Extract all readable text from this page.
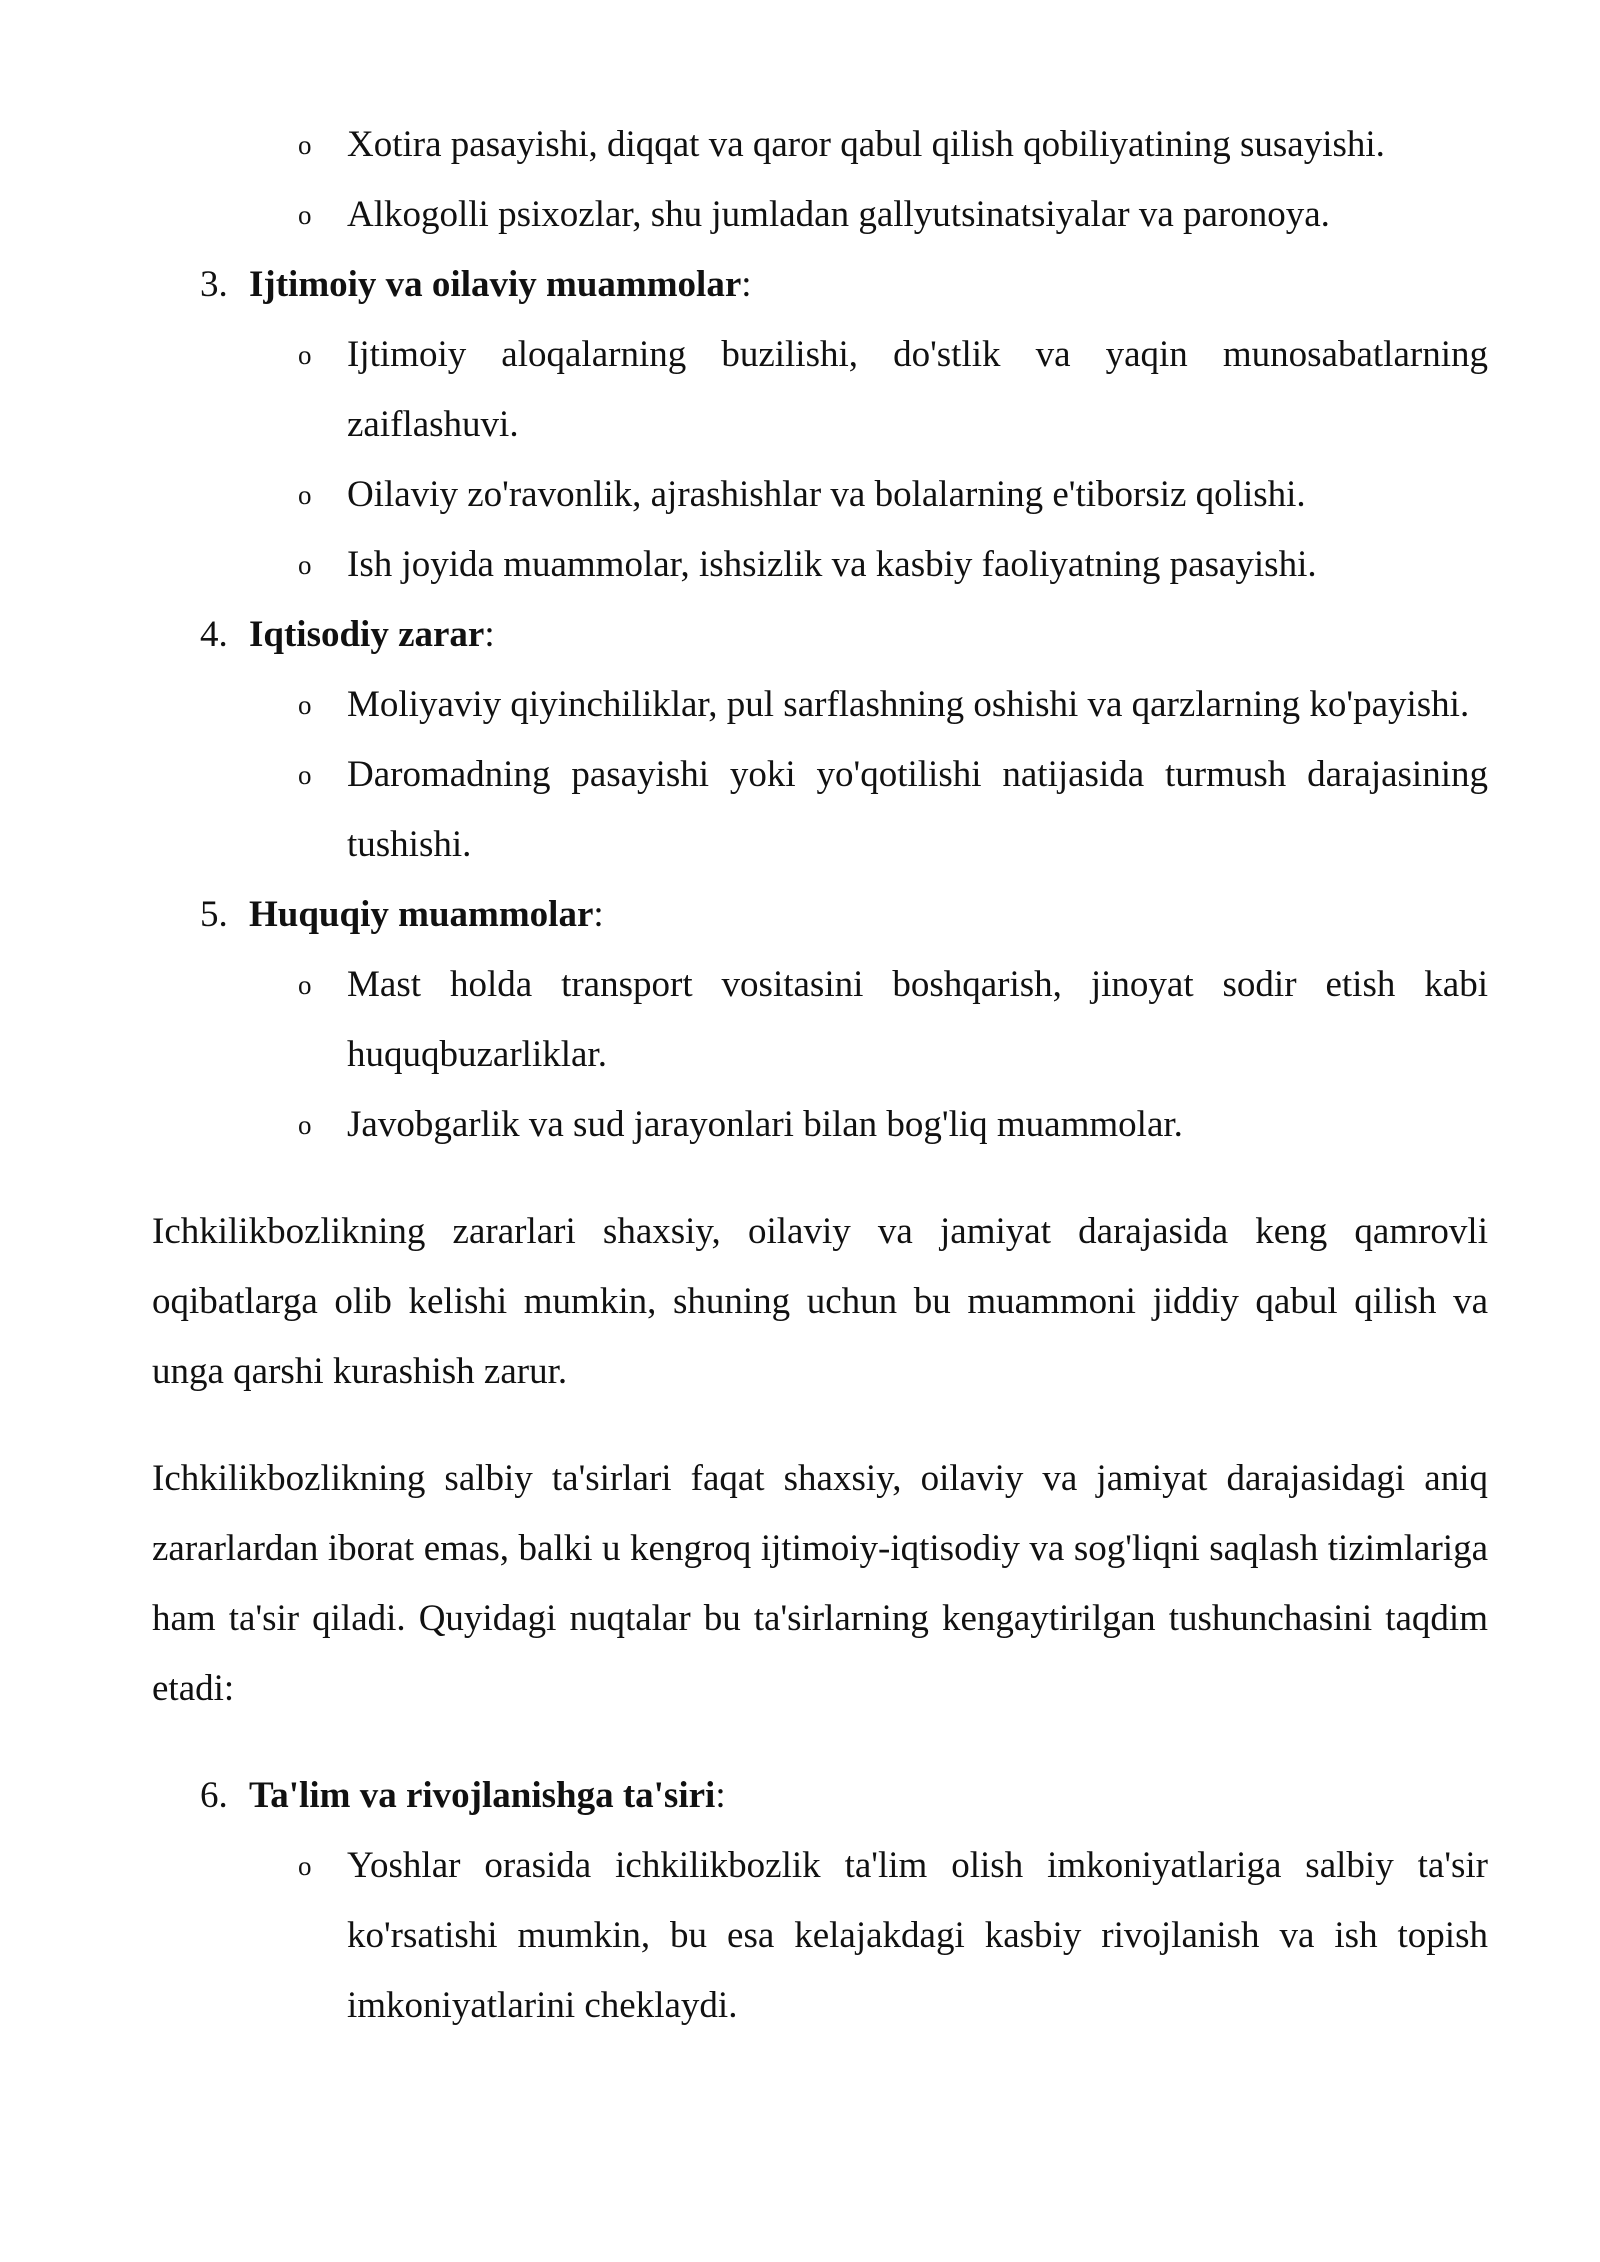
o Xotira pasayishi, diqqat va qaror qabul qilish qobiliyatining susayishi.
o Alkogolli psixozlar, shu jumladan gallyutsinatsiyalar va paronoya.
3. Ijtimoiy va oilaviy muammolar:
o Ijtimoiy aloqalarning buzilishi, do'stlik va yaqin munosabatlarning zaiflashuvi.
o Oilaviy zo'ravonlik, ajrashishlar va bolalarning e'tiborsiz qolishi.
o Ish joyida muammolar, ishsizlik va kasbiy faoliyatning pasayishi.
4. Iqtisodiy zarar:
o Moliyaviy qiyinchiliklar, pul sarflashning oshishi va qarzlarning ko'payishi.
o Daromadning pasayishi yoki yo'qotilishi natijasida turmush darajasining tushishi.
5. Huquqiy muammolar:
o Mast holda transport vositasini boshqarish, jinoyat sodir etish kabi huquqbuzarliklar.
o Javobgarlik va sud jarayonlari bilan bog'liq muammolar.

Ichkilikbozlikning zararlari shaxsiy, oilaviy va jamiyat darajasida keng qamrovli oqibatlarga olib kelishi mumkin, shuning uchun bu muammoni jiddiy qabul qilish va unga qarshi kurashish zarur.

Ichkilikbozlikning salbiy ta'sirlari faqat shaxsiy, oilaviy va jamiyat darajasidagi aniq zararlardan iborat emas, balki u kengroq ijtimoiy-iqtisodiy va sog'liqni saqlash tizimlariga ham ta'sir qiladi. Quyidagi nuqtalar bu ta'sirlarning kengaytirilgan tushunchasini taqdim etadi:

6. Ta'lim va rivojlanishga ta'siri:
o Yoshlar orasida ichkilikbozlik ta'lim olish imkoniyatlariga salbiy ta'sir ko'rsatishi mumkin, bu esa kelajakdagi kasbiy rivojlanish va ish topish imkoniyatlarini cheklaydi.
